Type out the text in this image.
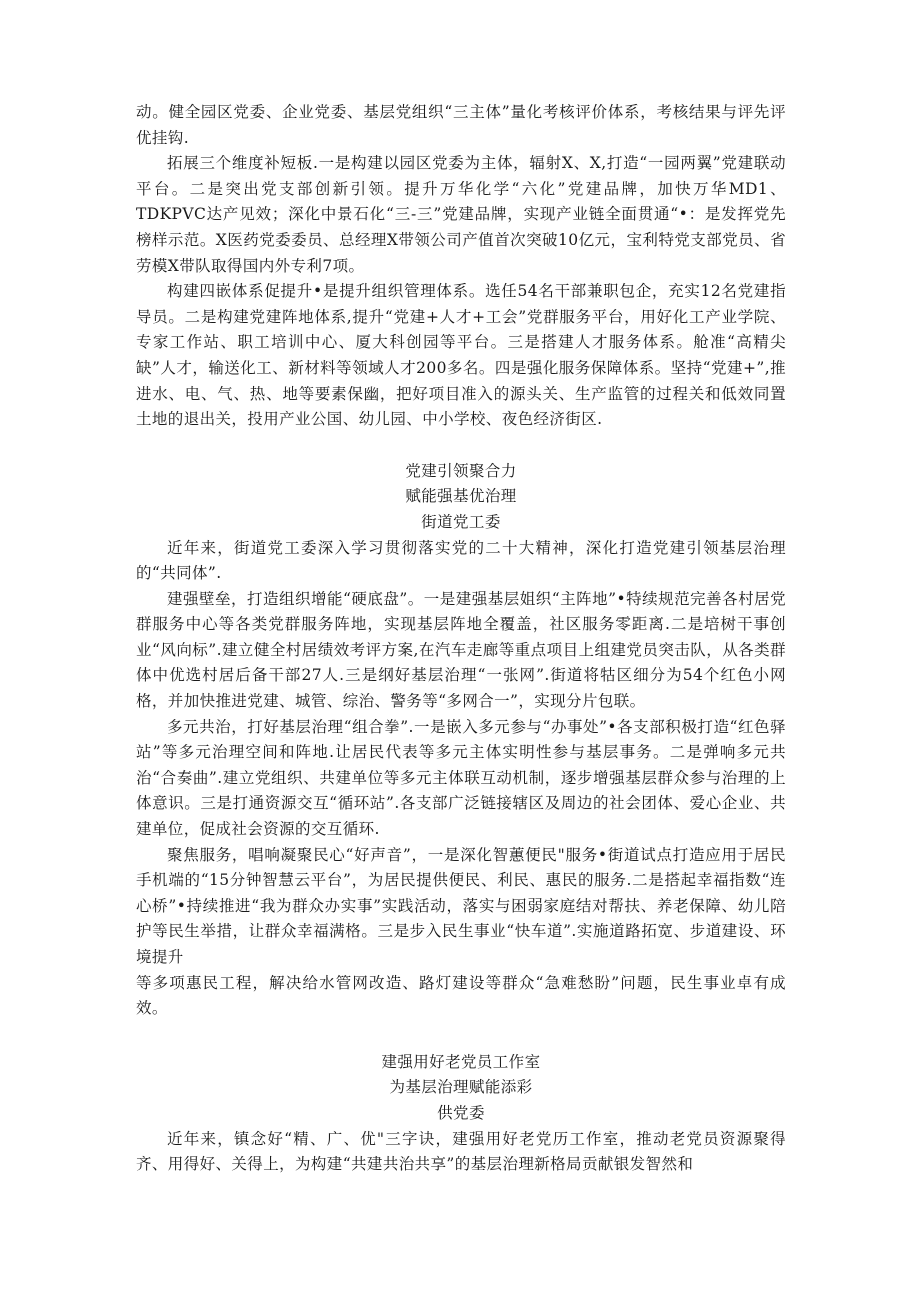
动。健全园区党委、企业党委、基层党组织“三主体”量化考核评价体系，考核结果与评先评优挂钩.

拓展三个维度补短板.一是构建以园区党委为主体，辐射X、X,打造“一园两翼”党建联动平台。二是突出党支部创新引领。提升万华化学“六化”党建品牌，加快万华MD1、TDKPVC达产见效；深化中景石化“三-三”党建品牌，实现产业链全面贯通“•：是发挥党先榜样示范。X医药党委委员、总经理X带领公司产值首次突破10亿元，宝利特党支部党员、省劳模X带队取得国内外专利7项。

构建四嵌体系促提升•是提升组织管理体系。选任54名干部兼职包企，充实12名党建指导员。二是构建党建阵地体系,提升“党建+人才+工会”党群服务平台，用好化工产业学院、专家工作站、职工培训中心、厦大科创园等平台。三是搭建人才服务体系。舱准“高精尖缺”人才，输送化工、新材料等领域人才200多名。四是强化服务保障体系。坚持“党建+”,推进水、电、气、热、地等要素保幽，把好项目准入的源头关、生产监管的过程关和低效同置土地的退出关，投用产业公国、幼儿园、中小学校、夜色经济街区.

党建引领聚合力
赋能强基优治理
街道党工委

近年来，街道党工委深入学习贯彻落实党的二十大精神，深化打造党建引领基层治理的“共同体”.

建强壁垒，打造组织增能“硬底盘”。一是建强基层姐织“主阵地”•特续规范完善各村居党群服务中心等各类党群服务阵地，实现基层阵地全覆盖，社区服务零距离.二是培树干事创业“风向标”.建立健全村居绩效考评方案,在汽车走廊等重点项目上组建党员突击队，从各类群体中优选村居后备干部27人.三是纲好基层治理“一张网”.街道将牯区细分为54个红色小网格，并加快推进党建、城管、综治、警务等“多网合一”，实现分片包联。

多元共治，打好基层治理“组合拳”.一是嵌入多元参与“办事处”•各支部积极打造“红色驿站”等多元治理空间和阵地.让居民代表等多元主体实明性参与基层事务。二是弹响多元共治“合奏曲”.建立党组织、共建单位等多元主体联互动机制，逐步增强基层群众参与治理的上体意识。三是打通资源交互“循环站”.各支部广泛链接辖区及周边的社会团体、爱心企业、共建单位，促成社会资源的交互循环.

聚焦服务，唱响凝聚民心“好声音”，一是深化智蕙便民"服务•街道试点打造应用于居民手机端的“15分钟智慧云平台”，为居民提供便民、利民、惠民的服务.二是搭起幸福指数“连心桥”•持续推进“我为群众办实事”实践活动，落实与困弱家庭结对帮扶、养老保障、幼儿陪护等民生举措，让群众幸福满格。三是步入民生事业“快车道”.实施道路拓宽、步道建设、环境提升

等多项惠民工程，解决给水管网改造、路灯建设等群众“急难愁盼”问题，民生事业卓有成效。

建强用好老党员工作室
为基层治理赋能添彩
供党委

近年来，镇念好“精、广、优"三字诀，建强用好老党历工作室，推动老党员资源聚得齐、用得好、关得上，为构建“共建共治共享”的基层治理新格局贡献银发智然和
